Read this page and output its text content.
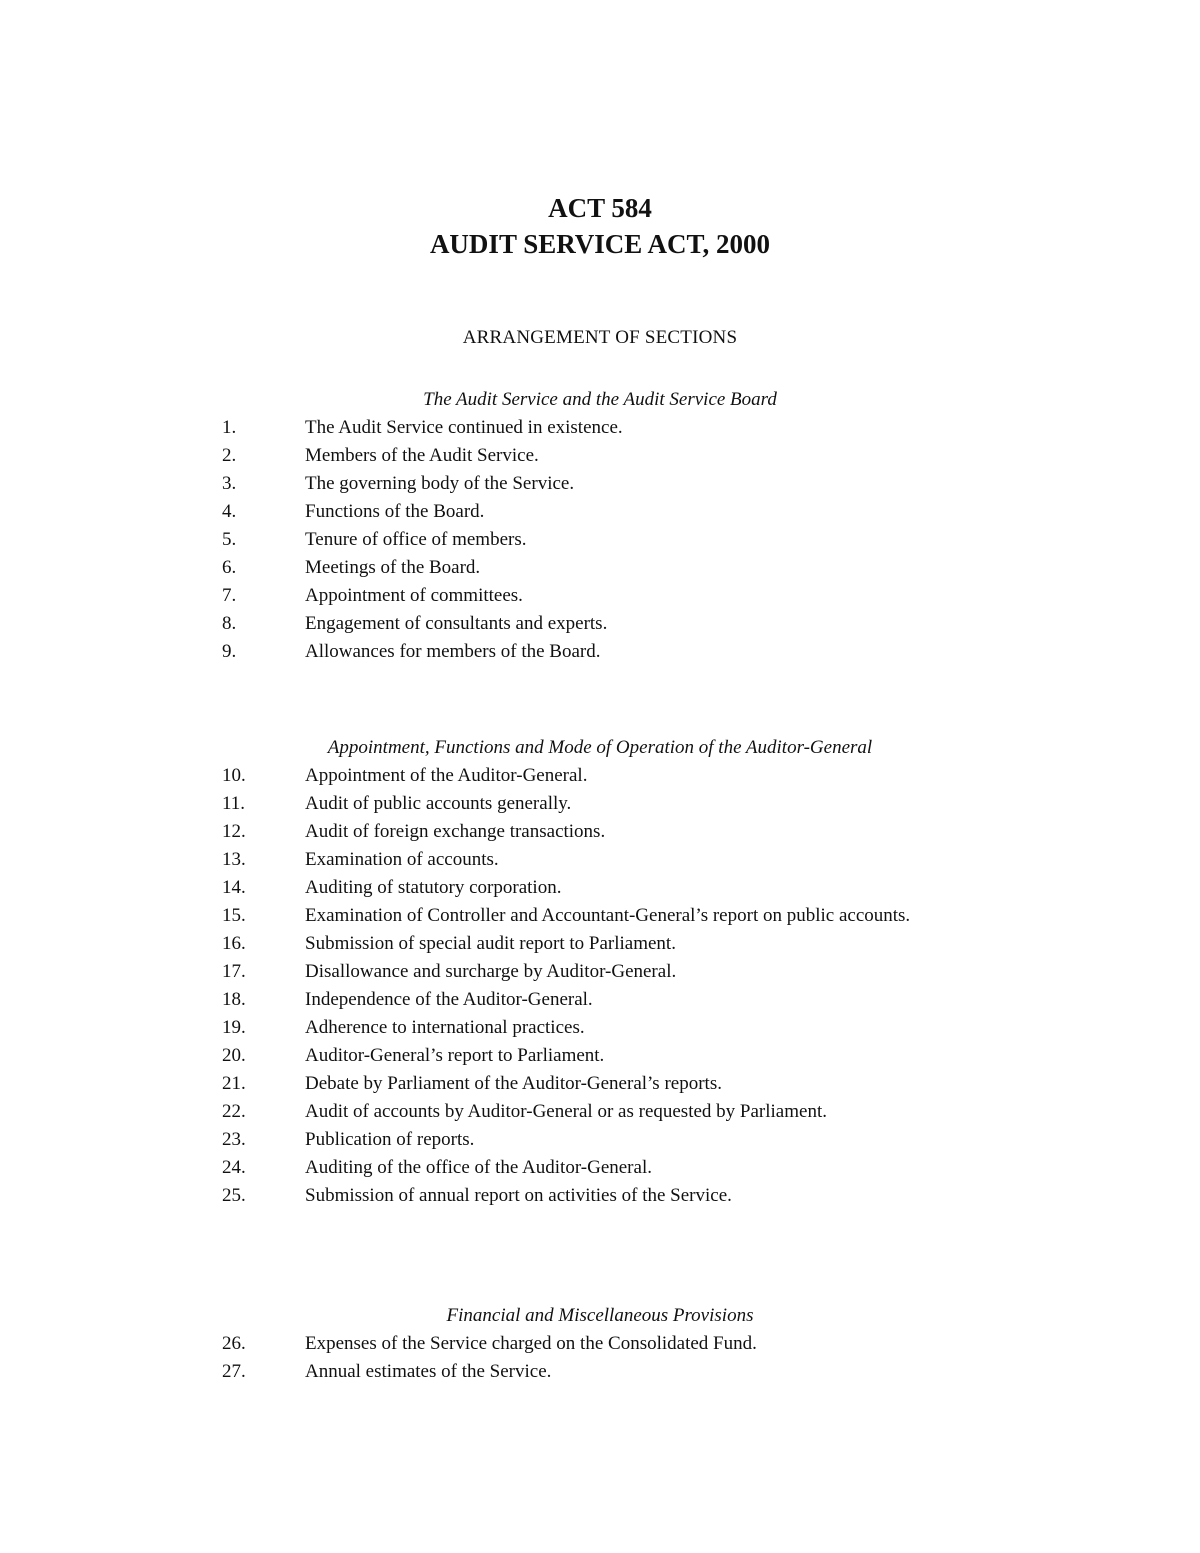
ACT 584
AUDIT SERVICE ACT, 2000
ARRANGEMENT OF SECTIONS

The Audit Service and the Audit Service Board

1.	The Audit Service continued in existence.
2.	Members of the Audit Service.
3.	The governing body of the Service.
4.	Functions of the Board.
5.	Tenure of office of members.
6.	Meetings of the Board.
7.	Appointment of committees.
8.	Engagement of consultants and experts.
9.	Allowances for members of the Board.

Appointment, Functions and Mode of Operation of the Auditor-General

10.	Appointment of the Auditor-General.
11.	Audit of public accounts generally.
12.	Audit of foreign exchange transactions.
13.	Examination of accounts.
14.	Auditing of statutory corporation.
15.	Examination of Controller and Accountant-General’s report on public accounts.
16.	Submission of special audit report to Parliament.
17.	Disallowance and surcharge by Auditor-General.
18.	Independence of the Auditor-General.
19.	Adherence to international practices.
20.	Auditor-General’s report to Parliament.
21.	Debate by Parliament of the Auditor-General’s reports.
22.	Audit of accounts by Auditor-General or as requested by Parliament.
23.	Publication of reports.
24.	Auditing of the office of the Auditor-General.
25.	Submission of annual report on activities of the Service.

Financial and Miscellaneous Provisions

26.	Expenses of the Service charged on the Consolidated Fund.
27.	Annual estimates of the Service.
